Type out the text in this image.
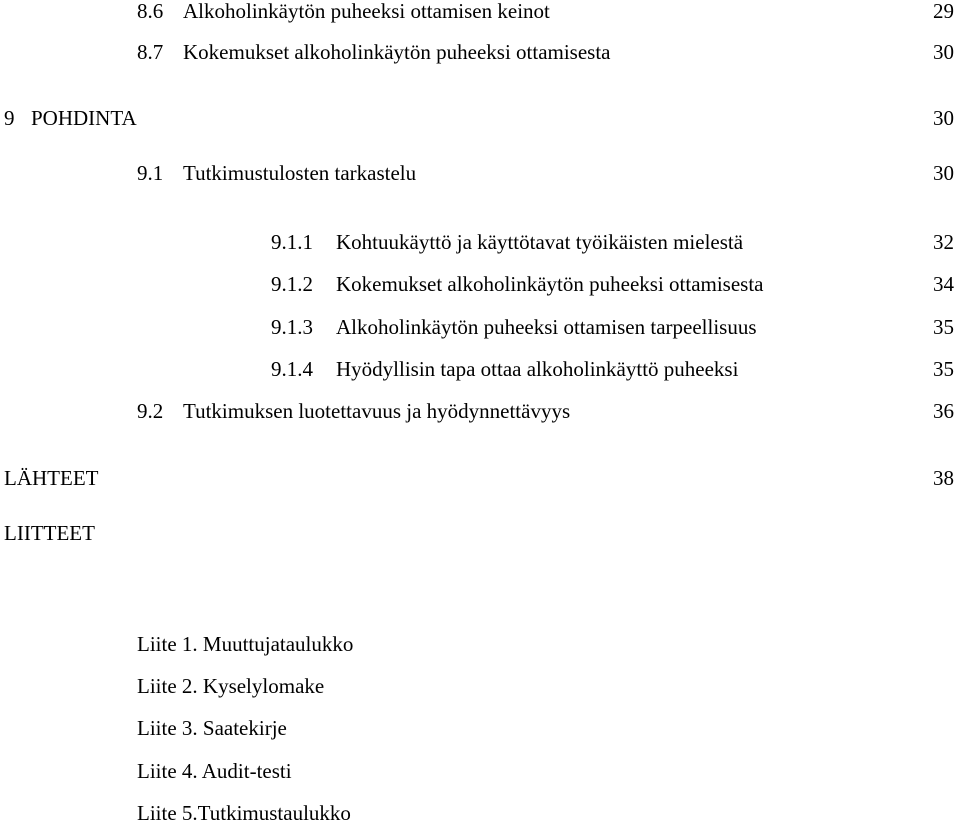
8.6 Alkoholinkäytön puheeksi ottamisen keinot	29
8.7 Kokemukset alkoholinkäytön puheeksi ottamisesta	30
9 POHDINTA	30
9.1 Tutkimustulosten tarkastelu	30
9.1.1 Kohtuukäyttö ja käyttötavat työikäisten mielestä	32
9.1.2 Kokemukset alkoholinkäytön puheeksi ottamisesta	34
9.1.3 Alkoholinkäytön puheeksi ottamisen tarpeellisuus	35
9.1.4 Hyödyllisin tapa ottaa alkoholinkäyttö puheeksi	35
9.2 Tutkimuksen luotettavuus ja hyödynnettävyys	36
LÄHTEET	38
LIITTEET
Liite 1. Muuttujataulukko
Liite 2. Kyselylomake
Liite 3. Saatekirje
Liite 4. Audit-testi
Liite 5.Tutkimustaulukko
